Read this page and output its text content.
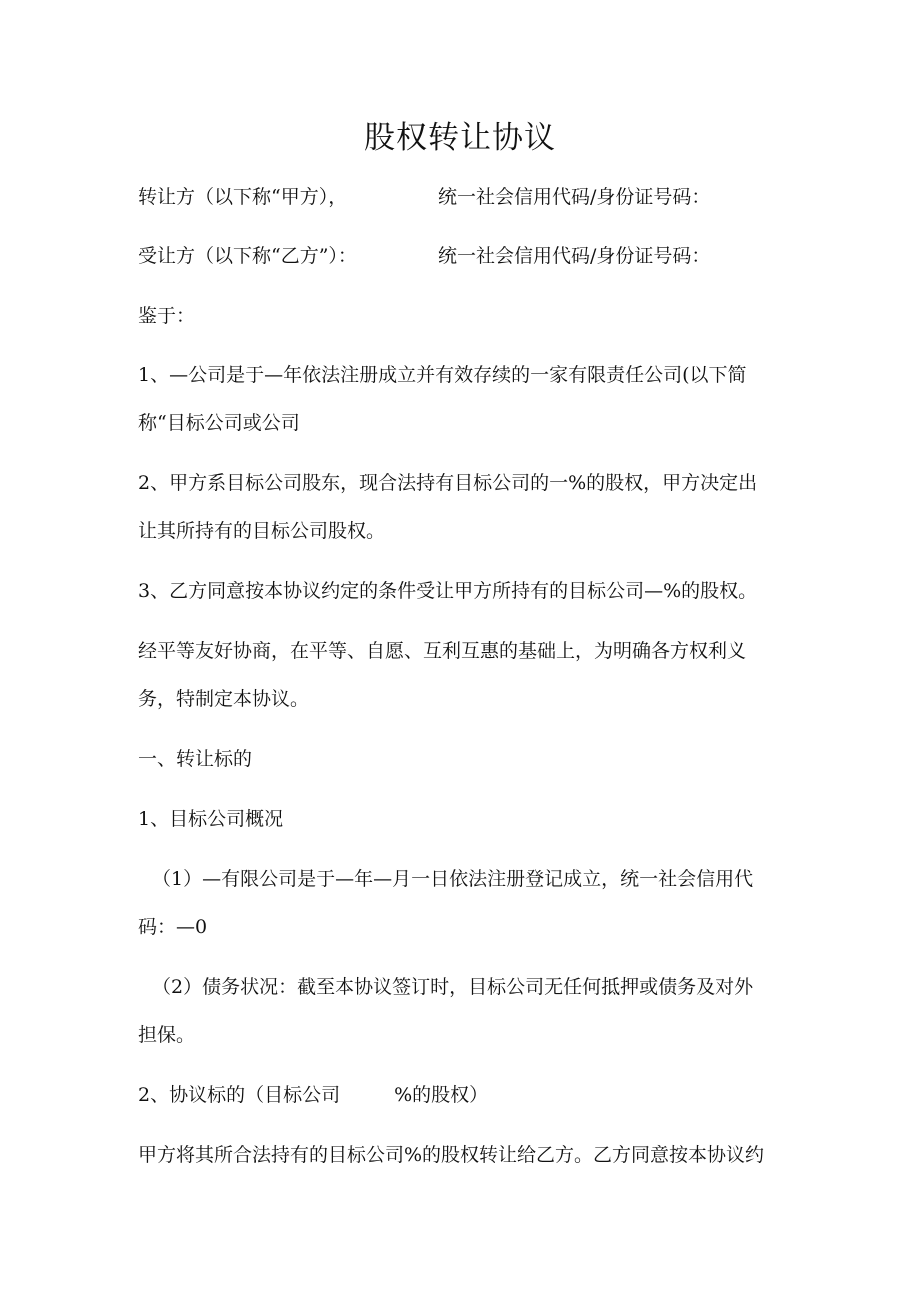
股权转让协议
转让方（以下称“甲方），	统一社会信用代码/身份证号码：
受让方（以下称“乙方”）：	统一社会信用代码/身份证号码：

鉴于：

1、—公司是于—年依法注册成立并有效存续的一家有限责任公司(以下简

称“目标公司或公司

2、甲方系目标公司股东，现合法持有目标公司的一%的股权，甲方决定出

让其所持有的目标公司股权。

3、乙方同意按本协议约定的条件受让甲方所持有的目标公司—%的股权。

经平等友好协商，在平等、自愿、互利互惠的基础上，为明确各方权利义

务，特制定本协议。

一、转让标的

1、目标公司概况

（1）—有限公司是于—年—月一日依法注册登记成立，统一社会信用代

码：—0

（2）债务状况：截至本协议签订时，目标公司无任何抵押或债务及对外

担保。

2、协议标的（目标公司	%的股权）

甲方将其所合法持有的目标公司%的股权转让给乙方。乙方同意按本协议约
